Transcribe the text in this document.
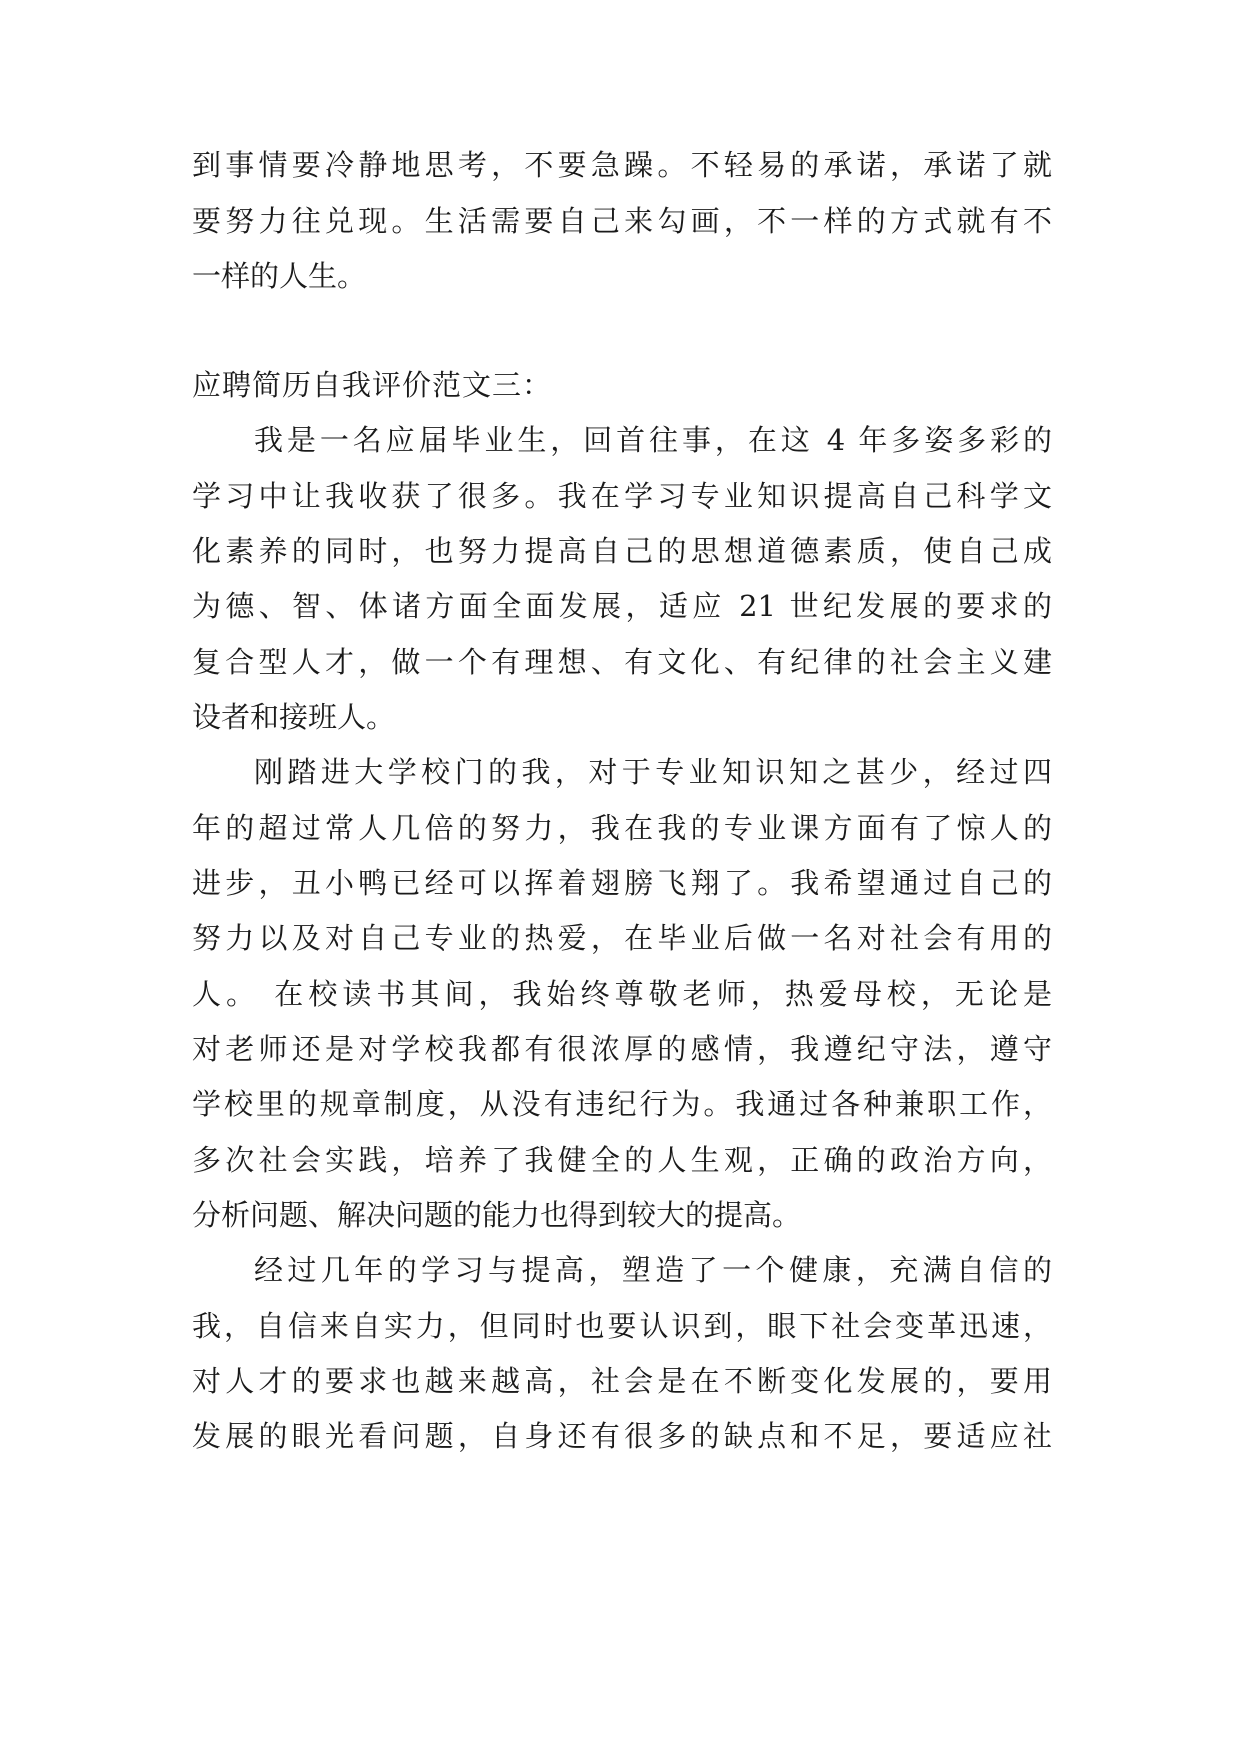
到事情要冷静地思考，不要急躁。不轻易的承诺，承诺了就
要努力往兑现。生活需要自己来勾画，不一样的方式就有不
一样的人生。
应聘简历自我评价范文三：
我是一名应届毕业生，回首往事，在这 4 年多姿多彩的
学习中让我收获了很多。我在学习专业知识提高自己科学文
化素养的同时，也努力提高自己的思想道德素质，使自己成
为德、智、体诸方面全面发展，适应 21 世纪发展的要求的
复合型人才，做一个有理想、有文化、有纪律的社会主义建
设者和接班人。
刚踏进大学校门的我，对于专业知识知之甚少，经过四
年的超过常人几倍的努力，我在我的专业课方面有了惊人的
进步，丑小鸭已经可以挥着翅膀飞翔了。我希望通过自己的
努力以及对自己专业的热爱，在毕业后做一名对社会有用的
人。 在校读书其间，我始终尊敬老师，热爱母校，无论是
对老师还是对学校我都有很浓厚的感情，我遵纪守法，遵守
学校里的规章制度，从没有违纪行为。我通过各种兼职工作，
多次社会实践，培养了我健全的人生观，正确的政治方向，
分析问题、解决问题的能力也得到较大的提高。
经过几年的学习与提高，塑造了一个健康，充满自信的
我，自信来自实力，但同时也要认识到，眼下社会变革迅速，
对人才的要求也越来越高，社会是在不断变化发展的，要用
发展的眼光看问题，自身还有很多的缺点和不足，要适应社
